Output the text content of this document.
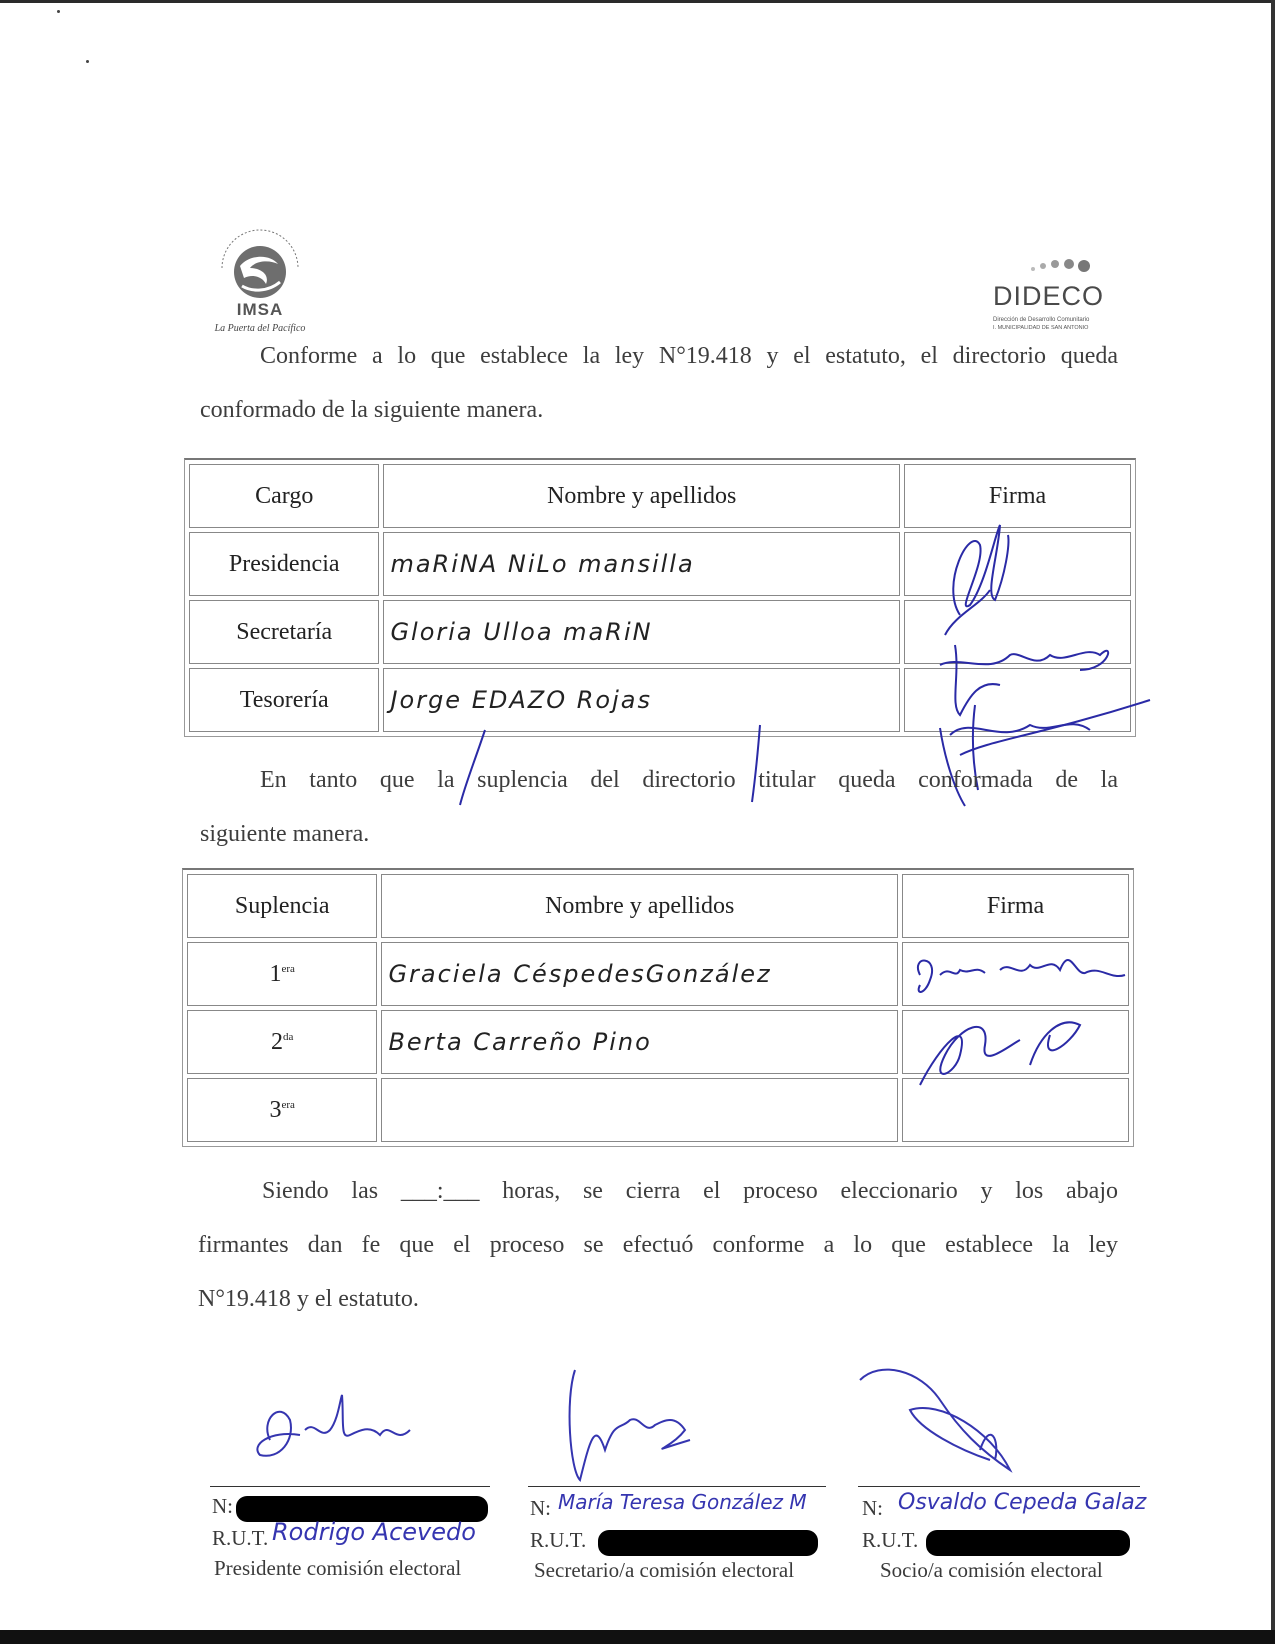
IMSA
La Puerta del Pacífico
DIDECO
Dirección de Desarrollo Comunitario
I. MUNICIPALIDAD DE SAN ANTONIO
Conforme a lo que establece la ley N°19.418 y el estatuto, el directorio queda
conformado de la siguiente manera.
Cargo	Nombre y apellidos	Firma
Presidencia	maRiNA NiLo mansilla	
Secretaría	Gloria Ulloa maRiN	
Tesorería	Jorge EDAZO Rojas	
En tanto que la suplencia del directorio titular queda conformada de la
siguiente manera.
Suplencia	Nombre y apellidos	Firma
$1^{era}$	Graciela CéspedesGonzález	
$2^{da}$	Berta Carreño Pino	
$3^{era}$		
Siendo las ___:___ horas, se cierra el proceso eleccionario y los abajo
firmantes dan fe que el proceso se efectuó conforme a lo que establece la ley
N°19.418 y el estatuto.
N:
R.U.T. Rodrigo Acevedo
Presidente comisión electoral
N: María Teresa González M
R.U.T.
Secretario/a comisión electoral
N: Osvaldo Cepeda Galaz
R.U.T.
Socio/a comisión electoral
